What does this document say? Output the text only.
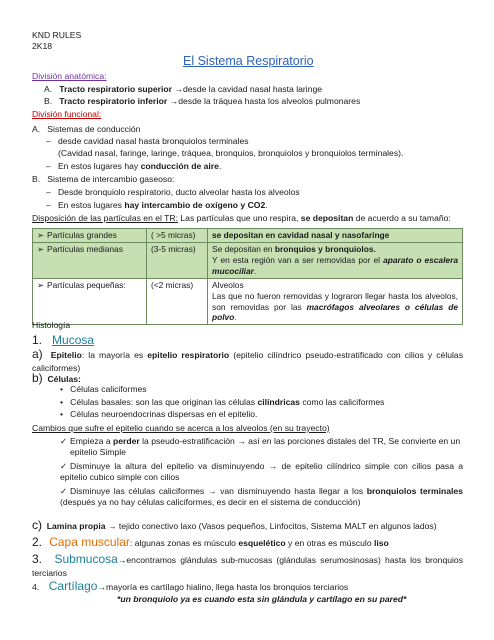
KND RULES
2K18
El Sistema Respiratorio
División anatómica:
A. Tracto respiratorio superior →desde la cavidad nasal hasta laringe
B. Tracto respiratorio inferior →desde la tráquea hasta los alveolos pulmonares
División funcional:
A. Sistemas de conducción
–   desde cavidad nasal hasta bronquiolos terminales
(Cavidad nasal, faringe, laringe, tráquea, bronquios, bronquiolos y bronquiolos terminales).
–   En estos lugares hay conducción de aire.
B. Sistema de intercambio gaseoso:
–   Desde bronquiolo respiratorio, ducto alveolar hasta los alveolos
–   En estos lugares hay intercambio de oxígeno y CO2.
Disposición de las partículas en el TR: Las partículas que uno respira, se depositan de acuerdo a su tamaño:
➢ Partículas grandes	( >5 micras)	se depositan en cavidad nasal y nasofaringe
➢ Partículas medianas	(3-5 micras)	Se depositan en bronquios y bronquiolos.
Y en esta región van a ser removidas por el aparato o escalera mucociliar.
➢ Partículas pequeñas:	(<2 micras)	Alveolos
Las que no fueron removidas y lograron llegar hasta los alveolos, son removidas por las macrófagos alveolares o células de polvo.
Histología
1. Mucosa
a) Epitelio: la mayoría es epitelio respiratorio (epitelio cilíndrico pseudo-estratificado con cilios y células caliciformes)
b) Células:
•   Células caliciformes
•   Células basales: son las que originan las células cilíndricas como las caliciformes
•   Células neuroendocrinas dispersas en el epitelio.
Cambios que sufre el epitelio cuando se acerca a los alveolos (en su trayecto)
✓ Empieza a perder la pseudo-estratificación → así en las porciones distales del TR, Se convierte en un
epitelio Simple
✓ Disminuye la altura del epitelio va disminuyendo → de epitelio cilíndrico simple con cilios pasa a epitelio cubico simple con cilios
✓ Disminuye las células caliciformes → van disminuyendo hasta llegar a los bronquiolos terminales (después ya no hay células caliciformes, es decir en el sistema de conducción)
c) Lamina propia → tejido conectivo laxo (Vasos pequeños, Linfocitos, Sistema MALT en algunos lados)
2. Capa muscular: algunas zonas es músculo esquelético y en otras es músculo liso
3. Submucosa→encontramos glándulas sub-mucosas (glándulas serumosinosas) hasta los bronquios terciarios
4. Cartílago→mayoría es cartílago hialino, llega hasta los bronquios terciarios
*un bronquiolo ya es cuando esta sin glándula y cartílago en su pared*
